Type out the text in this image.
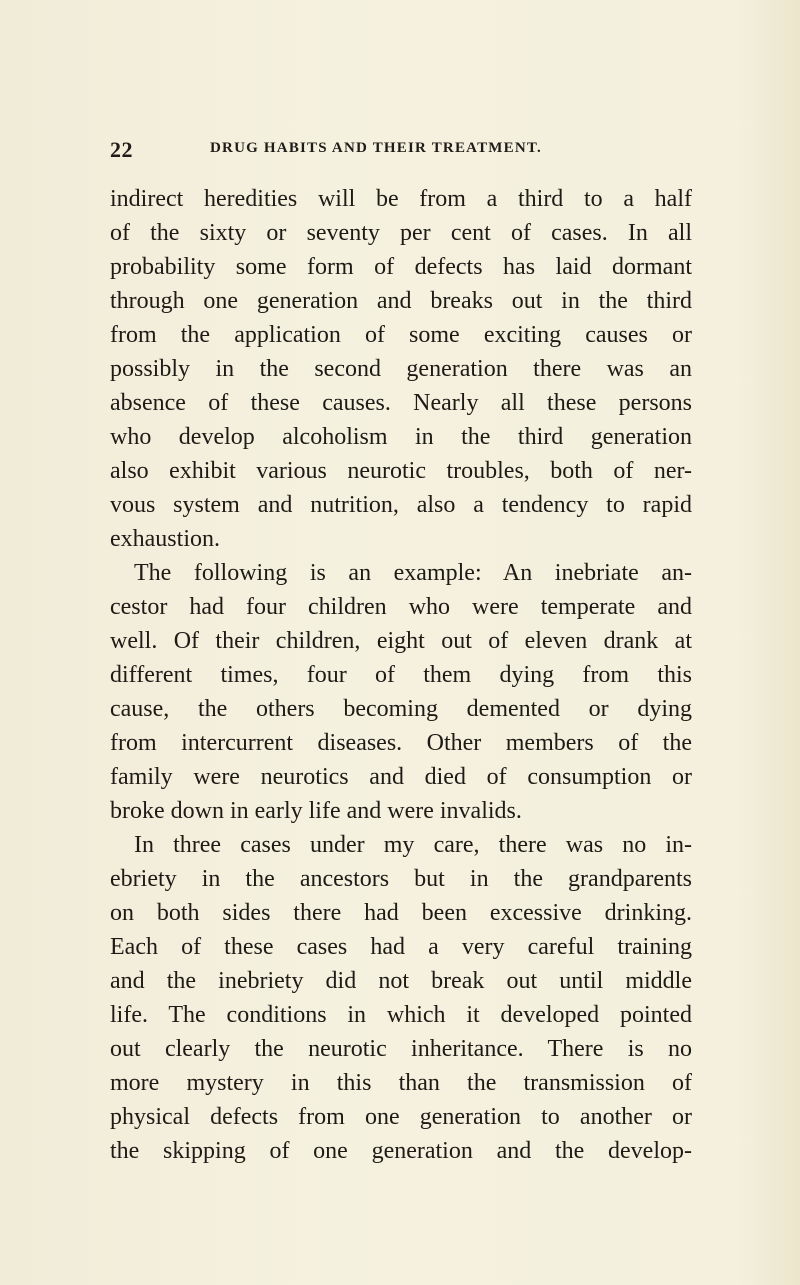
22	DRUG HABITS AND THEIR TREATMENT.
indirect heredities will be from a third to a half
of the sixty or seventy per cent of cases. In all
probability some form of defects has laid dormant
through one generation and breaks out in the third
from the application of some exciting causes or
possibly in the second generation there was an
absence of these causes. Nearly all these persons
who develop alcoholism in the third generation
also exhibit various neurotic troubles, both of ner-
vous system and nutrition, also a tendency to rapid
exhaustion.
The following is an example: An inebriate an-
cestor had four children who were temperate and
well. Of their children, eight out of eleven drank at
different times, four of them dying from this
cause, the others becoming demented or dying
from intercurrent diseases. Other members of the
family were neurotics and died of consumption or
broke down in early life and were invalids.
In three cases under my care, there was no in-
ebriety in the ancestors but in the grandparents
on both sides there had been excessive drinking.
Each of these cases had a very careful training
and the inebriety did not break out until middle
life. The conditions in which it developed pointed
out clearly the neurotic inheritance. There is no
more mystery in this than the transmission of
physical defects from one generation to another or
the skipping of one generation and the develop-
